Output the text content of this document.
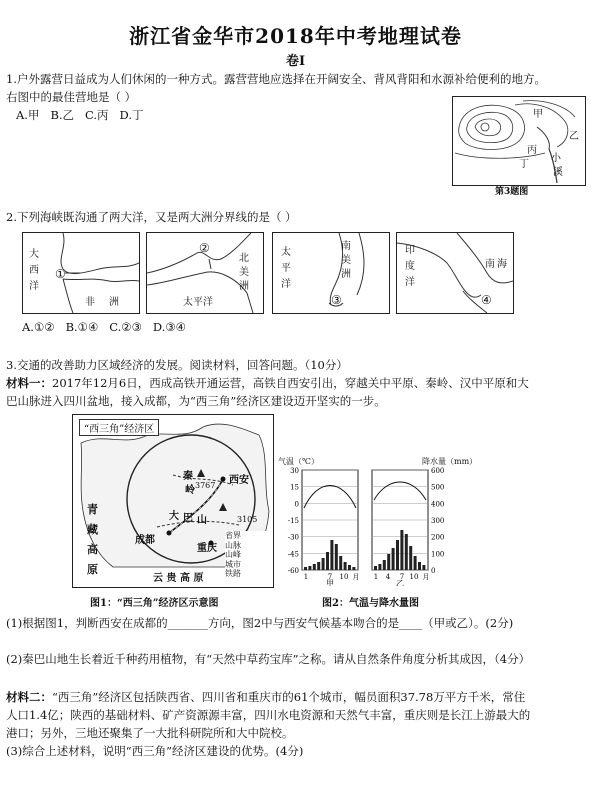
浙江省金华市2018年中考地理试卷
卷Ⅰ
1.户外露营日益成为人们休闲的一种方式。露营营地应选择在开阔安全、背风背阳和水源补给便利的地方。
右图中的最佳营地是（ ）
A.甲 B.乙 C.丙 D.丁	甲
乙
丙
丁
小
溪
第3题图
2.下列海峡既沟通了两大洋，又是两大洲分界线的是（ ）
大
西
洋
非 洲
①
北
美
洲
太平洋
②	太
平
洋
南
美
洲
③
印
度
洋
南 海
④
A.①② B.①④ C.②③ D.③④
3.交通的改善助力区域经济的发展。阅读材料，回答问题。（10分）
材料一：2017年12月6日，西成高铁开通运营，高铁自西安引出，穿越关中平原、秦岭、汉中平原和大
巴山脉进入四川盆地，接入成都，为“西三角”经济区建设迈开坚实的一步。
“西三角”经济区
青
藏
高
原
秦
岭 3767 西安
大 巴 山	3105
成都
重庆
云 贵 高 原
省界
山脉
山峰
城市
铁路
图1：“西三角”经济区示意图
30	600
15	500
0	400
-15	300
-30	200
-45	100
-60	0
1	7 10 月 1 4 7 10 月
甲	乙
气温（℃）	降水量（mm）
图2：气温与降水量图
(1)根据图1，判断西安在成都的_______方向，图2中与西安气候基本吻合的是____（甲或乙）。(2分)
(2)秦巴山地生长着近千种药用植物，有“天然中草药宝库”之称。请从自然条件角度分析其成因，（4分）
材料二：“西三角”经济区包括陕西省、四川省和重庆市的61个城市，幅员面积37.78万平方千米，常住
人口1.4亿；陕西的基础材料、矿产资源源丰富，四川水电资源和天然气丰富，重庆则是长江上游最大的
港口；另外，三地还聚集了一大批科研院所和大中院校。
(3)综合上述材料，说明“西三角”经济区建设的优势。(4分)
